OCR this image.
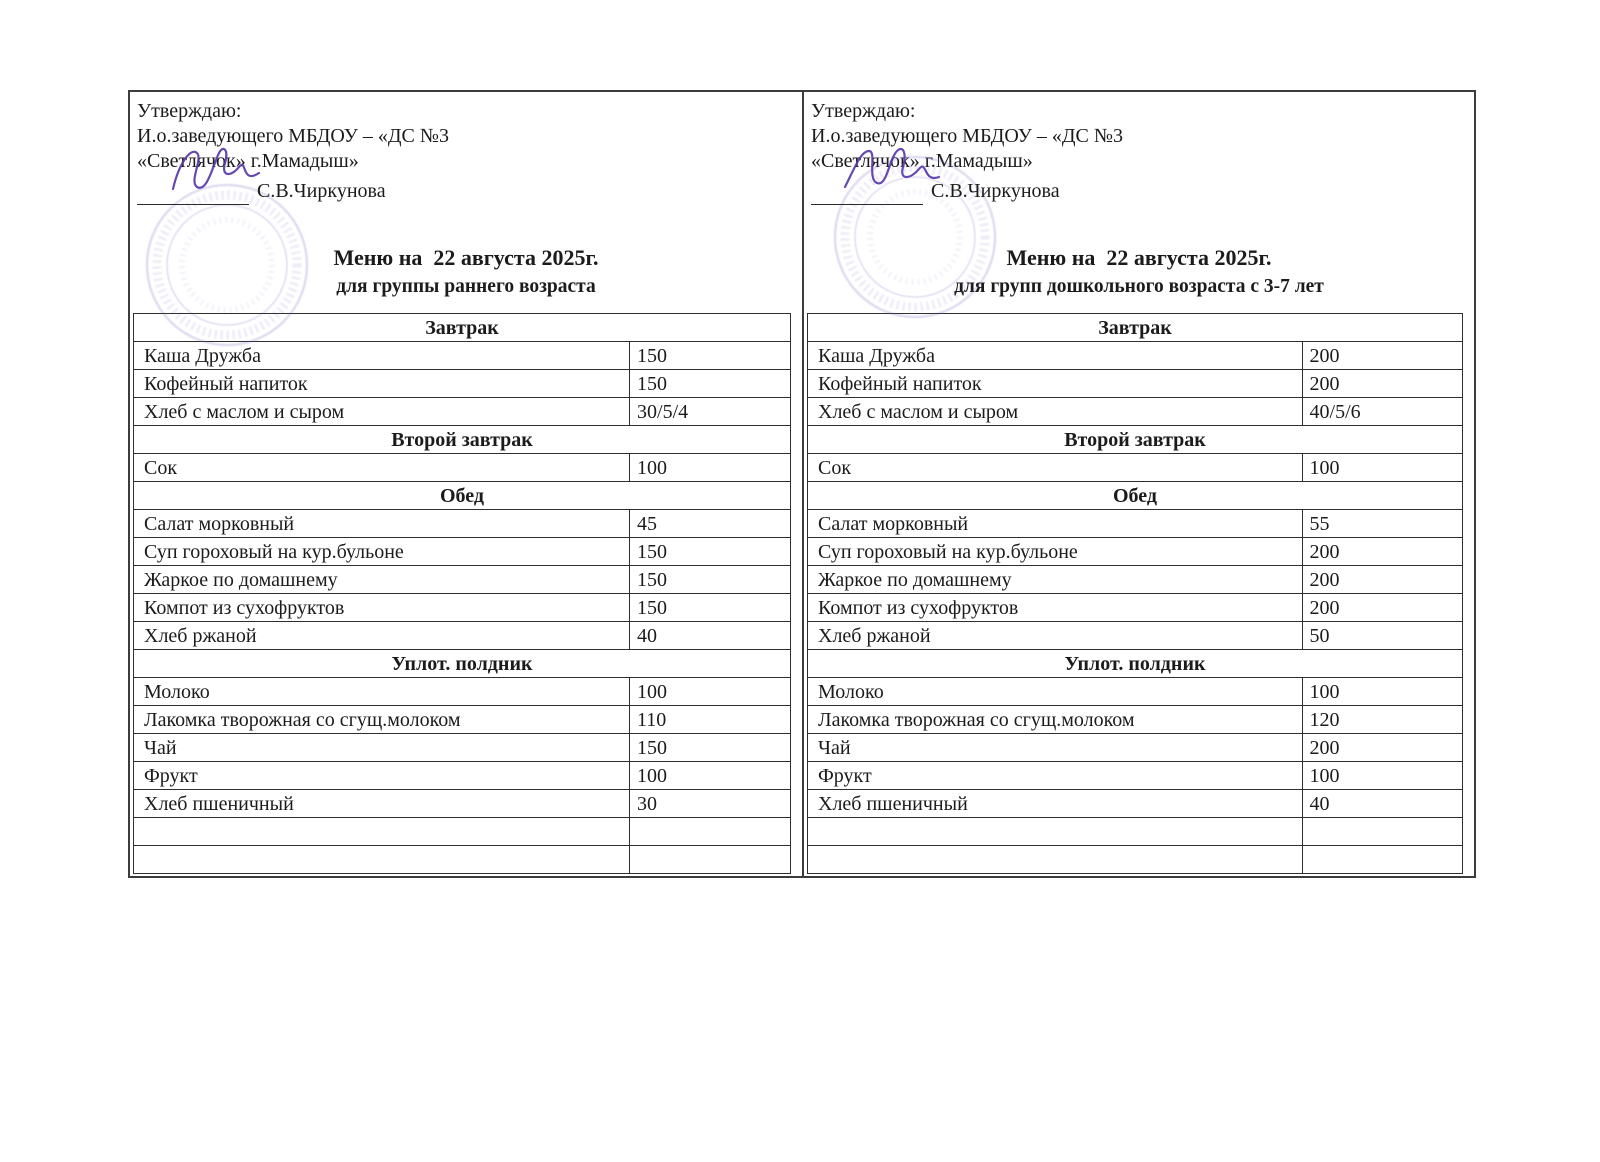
Утверждаю:
И.о.заведующего МБДОУ – «ДС №3
«Светлячок» г.Мамадыш»
С.В.Чиркунова
Меню на  22 августа 2025г.
для группы раннего возраста
Завтрак	
Каша Дружба	150
Кофейный напиток	150
Хлеб с маслом и сыром	30/5/4
Второй завтрак	
Сок	100
Обед	
Салат морковный	45
Суп гороховый на кур.бульоне	150
Жаркое по домашнему	150
Компот из сухофруктов	150
Хлеб ржаной	40
Уплот. полдник	
Молоко	100
Лакомка творожная со сгущ.молоком	110
Чай	150
Фрукт	100
Хлеб пшеничный	30

Утверждаю:
И.о.заведующего МБДОУ – «ДС №3
«Светлячок» г.Мамадыш»
С.В.Чиркунова
Меню на  22 августа 2025г.
для групп дошкольного возраста с 3-7 лет
Завтрак	
Каша Дружба	200
Кофейный напиток	200
Хлеб с маслом и сыром	40/5/6
Второй завтрак	
Сок	100
Обед	
Салат морковный	55
Суп гороховый на кур.бульоне	200
Жаркое по домашнему	200
Компот из сухофруктов	200
Хлеб ржаной	50
Уплот. полдник	
Молоко	100
Лакомка творожная со сгущ.молоком	120
Чай	200
Фрукт	100
Хлеб пшеничный	40
